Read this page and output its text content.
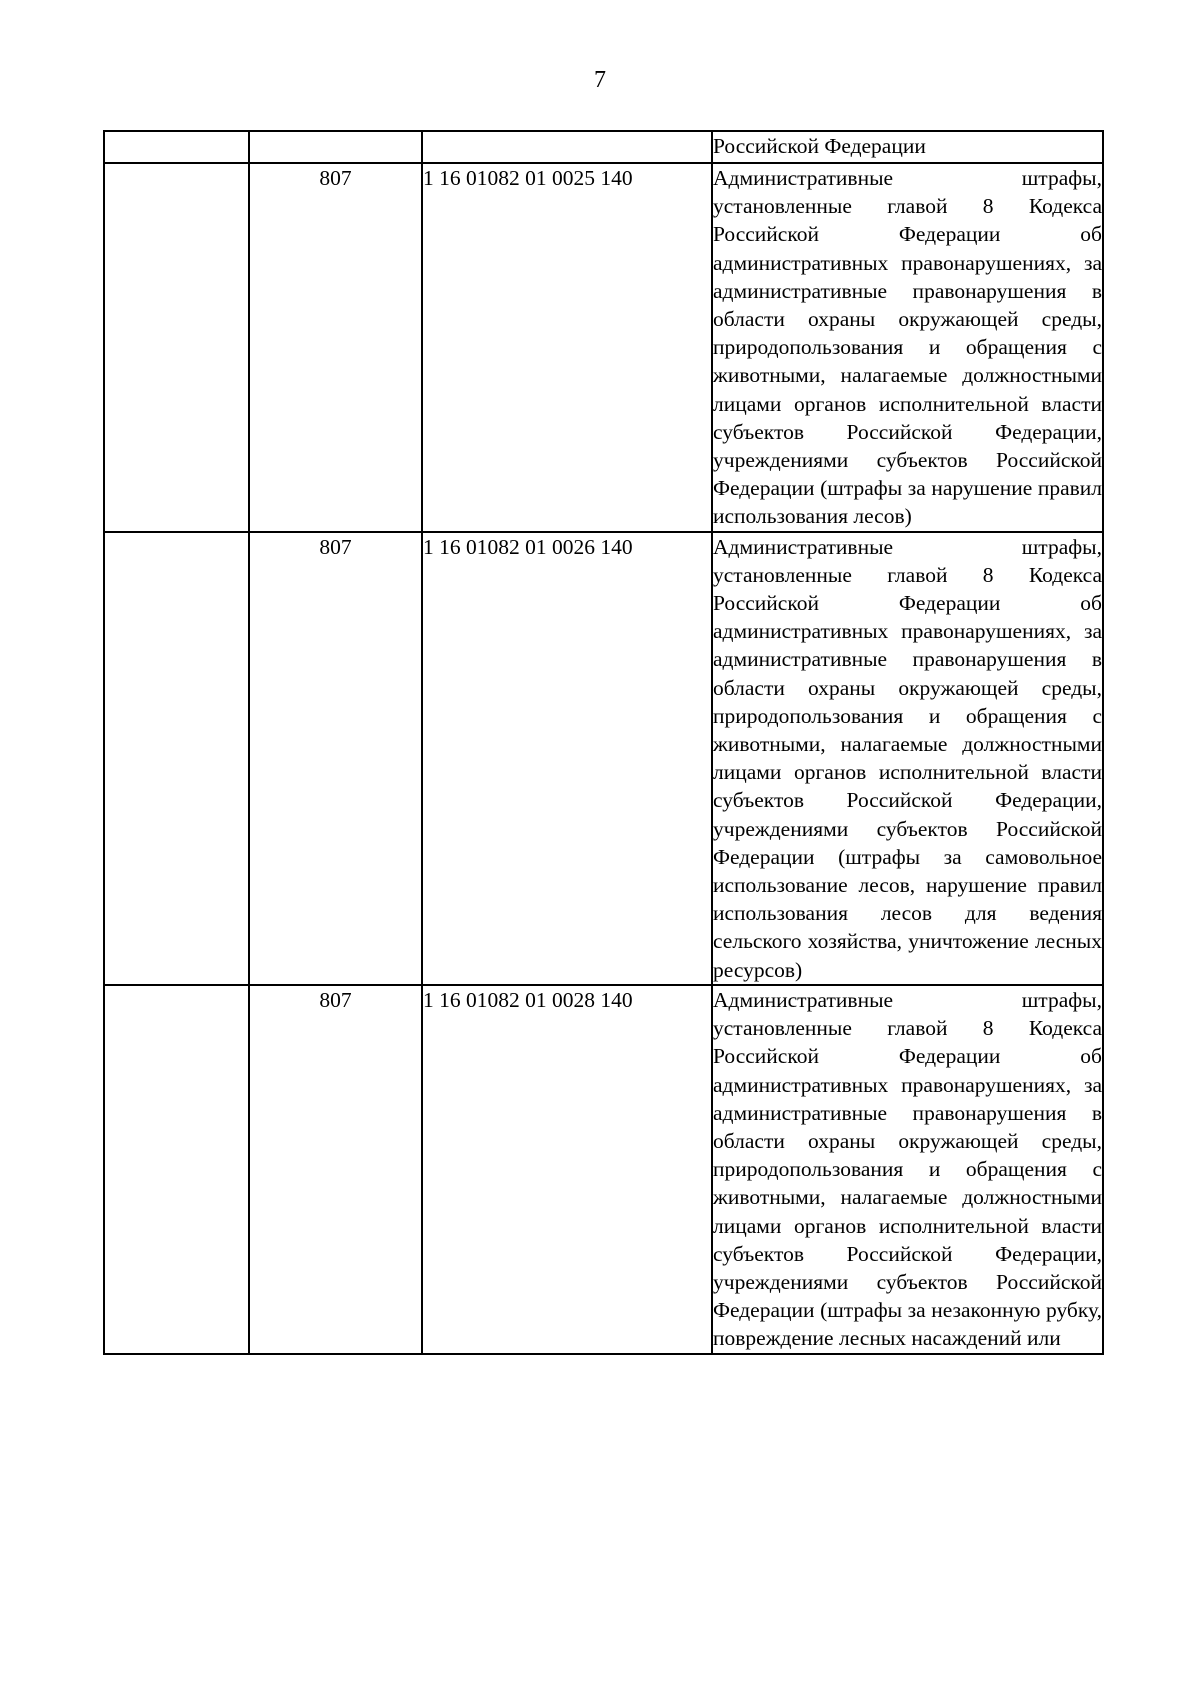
7

			Российской Федерации

	807	1 16 01082 01 0025 140	Административные штрафы, установленные главой 8 Кодекса Российской Федерации об административных правонарушениях, за административные правонарушения в области охраны окружающей среды, природопользования и обращения с животными, налагаемые должностными лицами органов исполнительной власти субъектов Российской Федерации, учреждениями субъектов Российской Федерации (штрафы за нарушение правил использования лесов)

	807	1 16 01082 01 0026 140	Административные штрафы, установленные главой 8 Кодекса Российской Федерации об административных правонарушениях, за административные правонарушения в области охраны окружающей среды, природопользования и обращения с животными, налагаемые должностными лицами органов исполнительной власти субъектов Российской Федерации, учреждениями субъектов Российской Федерации (штрафы за самовольное использование лесов, нарушение правил использования лесов для ведения сельского хозяйства, уничтожение лесных ресурсов)

	807	1 16 01082 01 0028 140	Административные штрафы, установленные главой 8 Кодекса Российской Федерации об административных правонарушениях, за административные правонарушения в области охраны окружающей среды, природопользования и обращения с животными, налагаемые должностными лицами органов исполнительной власти субъектов Российской Федерации, учреждениями субъектов Российской Федерации (штрафы за незаконную рубку, повреждение лесных насаждений или
